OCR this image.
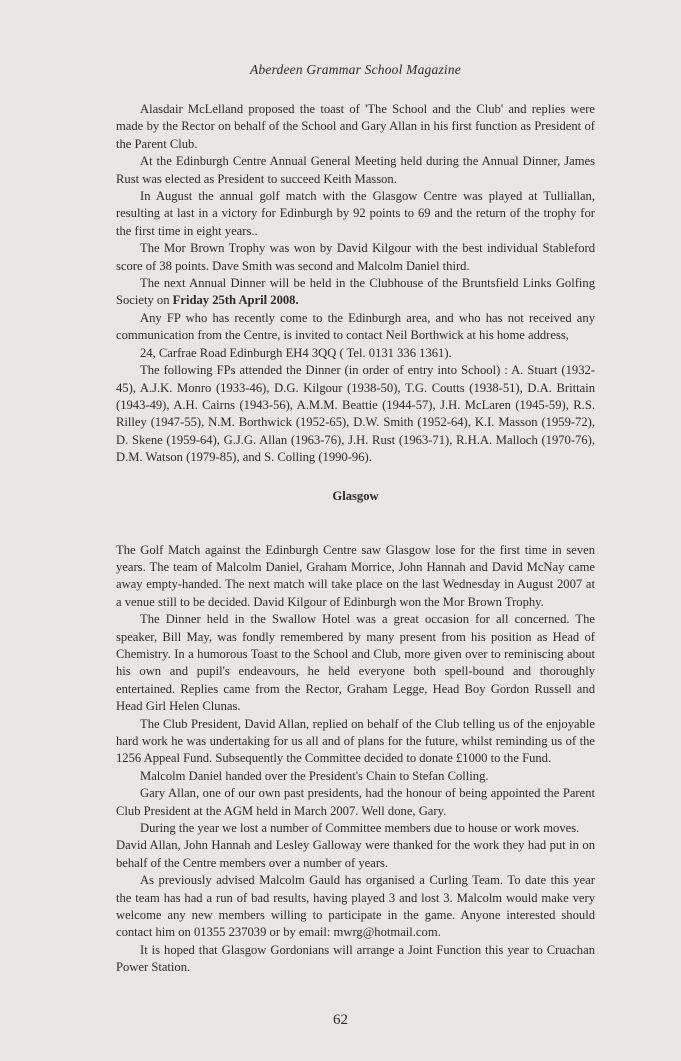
Aberdeen Grammar School Magazine

Alasdair McLelland proposed the toast of 'The School and the Club' and replies were made by the Rector on behalf of the School and Gary Allan in his first function as President of the Parent Club.

At the Edinburgh Centre Annual General Meeting held during the Annual Dinner, James Rust was elected as President to succeed Keith Masson.

In August the annual golf match with the Glasgow Centre was played at Tulliallan, resulting at last in a victory for Edinburgh by 92 points to 69 and the return of the trophy for the first time in eight years..

The Mor Brown Trophy was won by David Kilgour with the best individual Stableford score of 38 points. Dave Smith was second and Malcolm Daniel third.

The next Annual Dinner will be held in the Clubhouse of the Bruntsfield Links Golfing Society on Friday 25th April 2008.

Any FP who has recently come to the Edinburgh area, and who has not received any communication from the Centre, is invited to contact Neil Borthwick at his home address,

24, Carfrae Road Edinburgh EH4 3QQ ( Tel. 0131 336 1361).

The following FPs attended the Dinner (in order of entry into School) : A. Stuart (1932-45), A.J.K. Monro (1933-46), D.G. Kilgour (1938-50), T.G. Coutts (1938-51), D.A. Brittain (1943-49), A.H. Cairns (1943-56), A.M.M. Beattie (1944-57), J.H. McLaren (1945-59), R.S. Rilley (1947-55), N.M. Borthwick (1952-65), D.W. Smith (1952-64), K.I. Masson (1959-72), D. Skene (1959-64), G.J.G. Allan (1963-76), J.H. Rust (1963-71), R.H.A. Malloch (1970-76), D.M. Watson (1979-85), and S. Colling (1990-96).

Glasgow

The Golf Match against the Edinburgh Centre saw Glasgow lose for the first time in seven years. The team of Malcolm Daniel, Graham Morrice, John Hannah and David McNay came away empty-handed. The next match will take place on the last Wednesday in August 2007 at a venue still to be decided. David Kilgour of Edinburgh won the Mor Brown Trophy.

The Dinner held in the Swallow Hotel was a great occasion for all concerned. The speaker, Bill May, was fondly remembered by many present from his position as Head of Chemistry. In a humorous Toast to the School and Club, more given over to reminiscing about his own and pupil's endeavours, he held everyone both spell-bound and thoroughly entertained. Replies came from the Rector, Graham Legge, Head Boy Gordon Russell and Head Girl Helen Clunas.

The Club President, David Allan, replied on behalf of the Club telling us of the enjoyable hard work he was undertaking for us all and of plans for the future, whilst reminding us of the 1256 Appeal Fund. Subsequently the Committee decided to donate £1000 to the Fund.

Malcolm Daniel handed over the President's Chain to Stefan Colling.

Gary Allan, one of our own past presidents, had the honour of being appointed the Parent Club President at the AGM held in March 2007. Well done, Gary.

During the year we lost a number of Committee members due to house or work moves.

David Allan, John Hannah and Lesley Galloway were thanked for the work they had put in on behalf of the Centre members over a number of years.

As previously advised Malcolm Gauld has organised a Curling Team. To date this year the team has had a run of bad results, having played 3 and lost 3. Malcolm would make very welcome any new members willing to participate in the game. Anyone interested should contact him on 01355 237039 or by email: mwrg@hotmail.com.

It is hoped that Glasgow Gordonians will arrange a Joint Function this year to Cruachan Power Station.

62
